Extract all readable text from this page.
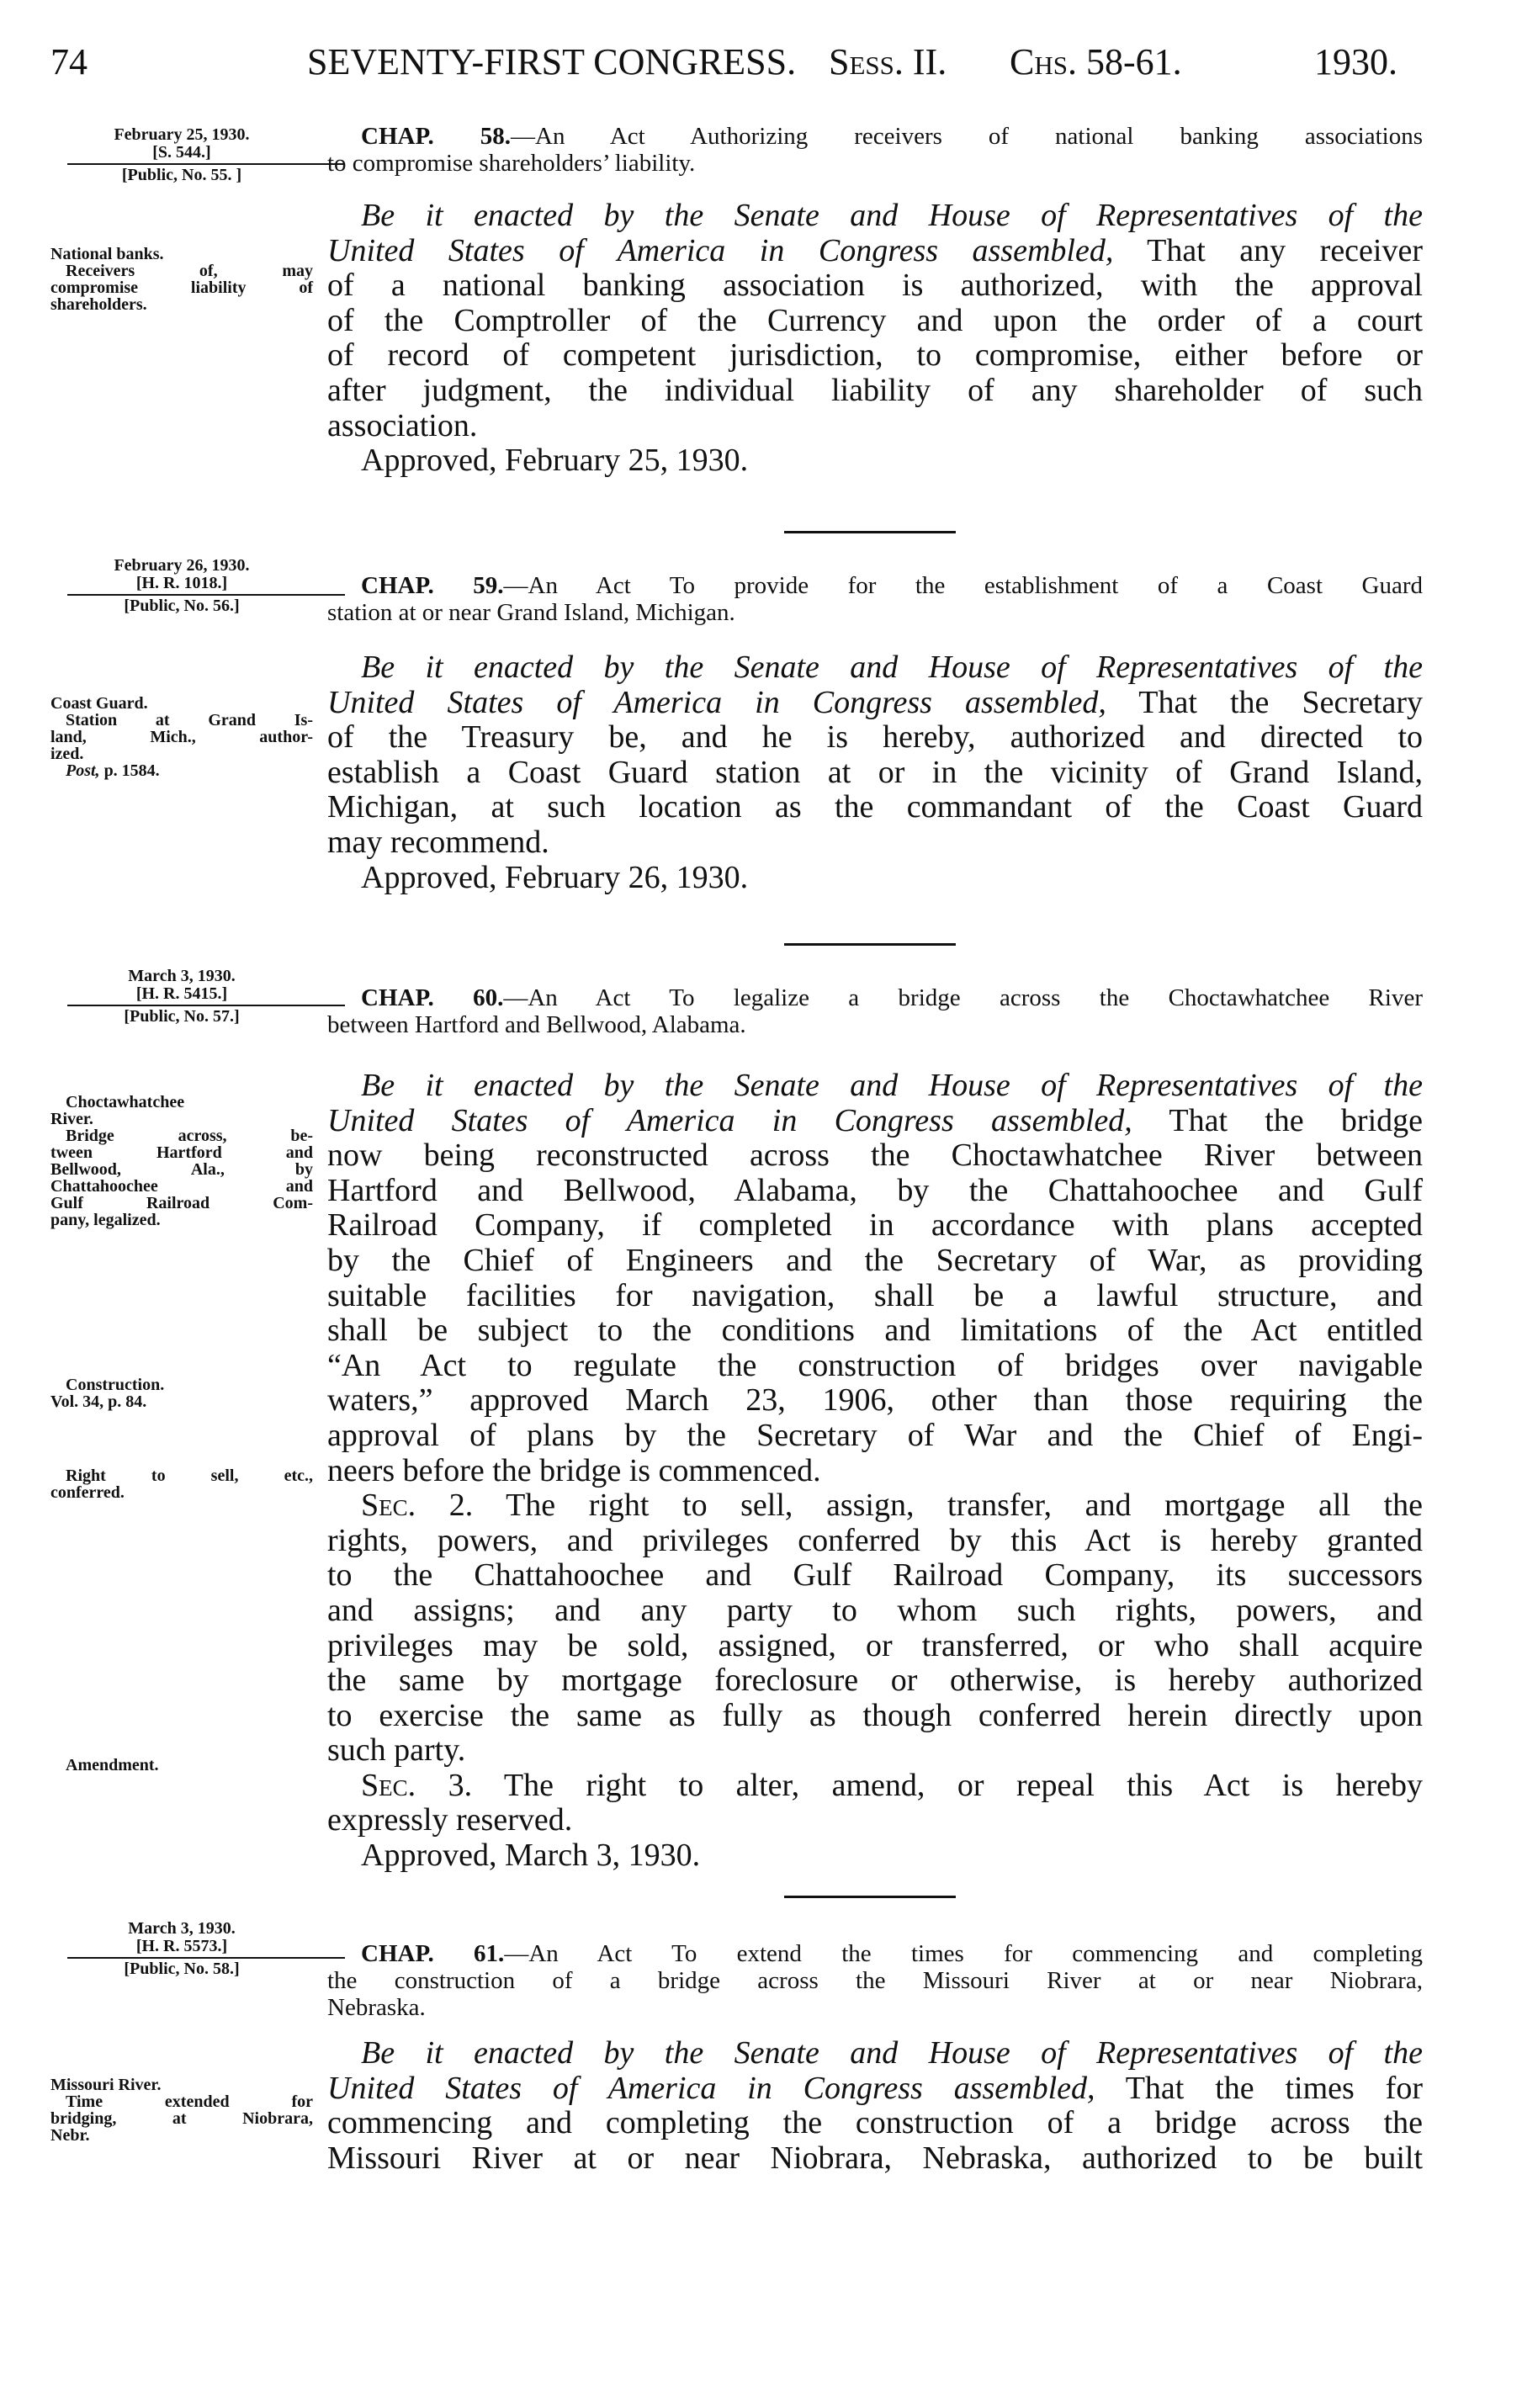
74	SEVENTY-FIRST CONGRESS. Sess. II. Chs. 58-61.	1930.
February 25, 1930.
[S. 544.]
[Public, No. 55. ]
CHAP. 58.—An Act Authorizing receivers of national banking associations
to compromise shareholders’ liability.
National banks.
Receivers of, may
compromise liability of
shareholders.
Be it enacted by the Senate and House of Representatives of the
United States of America in Congress assembled, That any receiver
of a national banking association is authorized, with the approval
of the Comptroller of the Currency and upon the order of a court
of record of competent jurisdiction, to compromise, either before or
after judgment, the individual liability of any shareholder of such
association.
Approved, February 25, 1930.
February 26, 1930.
[H. R. 1018.]
[Public, No. 56.]
CHAP. 59.—An Act To provide for the establishment of a Coast Guard
station at or near Grand Island, Michigan.
Coast Guard.
Station at Grand Is-
land, Mich., author-
ized.
Post, p. 1584.
Be it enacted by the Senate and House of Representatives of the
United States of America in Congress assembled, That the Secretary
of the Treasury be, and he is hereby, authorized and directed to
establish a Coast Guard station at or in the vicinity of Grand Island,
Michigan, at such location as the commandant of the Coast Guard
may recommend.
Approved, February 26, 1930.
March 3, 1930.
[H. R. 5415.]
[Public, No. 57.]
CHAP. 60.—An Act To legalize a bridge across the Choctawhatchee River
between Hartford and Bellwood, Alabama.
Choctawhatchee
River.
Bridge across, be-
tween Hartford and
Bellwood, Ala., by
Chattahoochee and
Gulf Railroad Com-
pany, legalized.
Construction.
Vol. 34, p. 84.
Right to sell, etc.,
conferred.
Amendment.
Be it enacted by the Senate and House of Representatives of the
United States of America in Congress assembled, That the bridge
now being reconstructed across the Choctawhatchee River between
Hartford and Bellwood, Alabama, by the Chattahoochee and Gulf
Railroad Company, if completed in accordance with plans accepted
by the Chief of Engineers and the Secretary of War, as providing
suitable facilities for navigation, shall be a lawful structure, and
shall be subject to the conditions and limitations of the Act entitled
“An Act to regulate the construction of bridges over navigable
waters,” approved March 23, 1906, other than those requiring the
approval of plans by the Secretary of War and the Chief of Engi-
neers before the bridge is commenced.
Sec. 2. The right to sell, assign, transfer, and mortgage all the
rights, powers, and privileges conferred by this Act is hereby granted
to the Chattahoochee and Gulf Railroad Company, its successors
and assigns; and any party to whom such rights, powers, and
privileges may be sold, assigned, or transferred, or who shall acquire
the same by mortgage foreclosure or otherwise, is hereby authorized
to exercise the same as fully as though conferred herein directly upon
such party.
Sec. 3. The right to alter, amend, or repeal this Act is hereby
expressly reserved.
Approved, March 3, 1930.
March 3, 1930.
[H. R. 5573.]
[Public, No. 58.]
CHAP. 61.—An Act To extend the times for commencing and completing
the construction of a bridge across the Missouri River at or near Niobrara,
Nebraska.
Missouri River.
Time extended for
bridging, at Niobrara,
Nebr.
Be it enacted by the Senate and House of Representatives of the
United States of America in Congress assembled, That the times for
commencing and completing the construction of a bridge across the
Missouri River at or near Niobrara, Nebraska, authorized to be built
